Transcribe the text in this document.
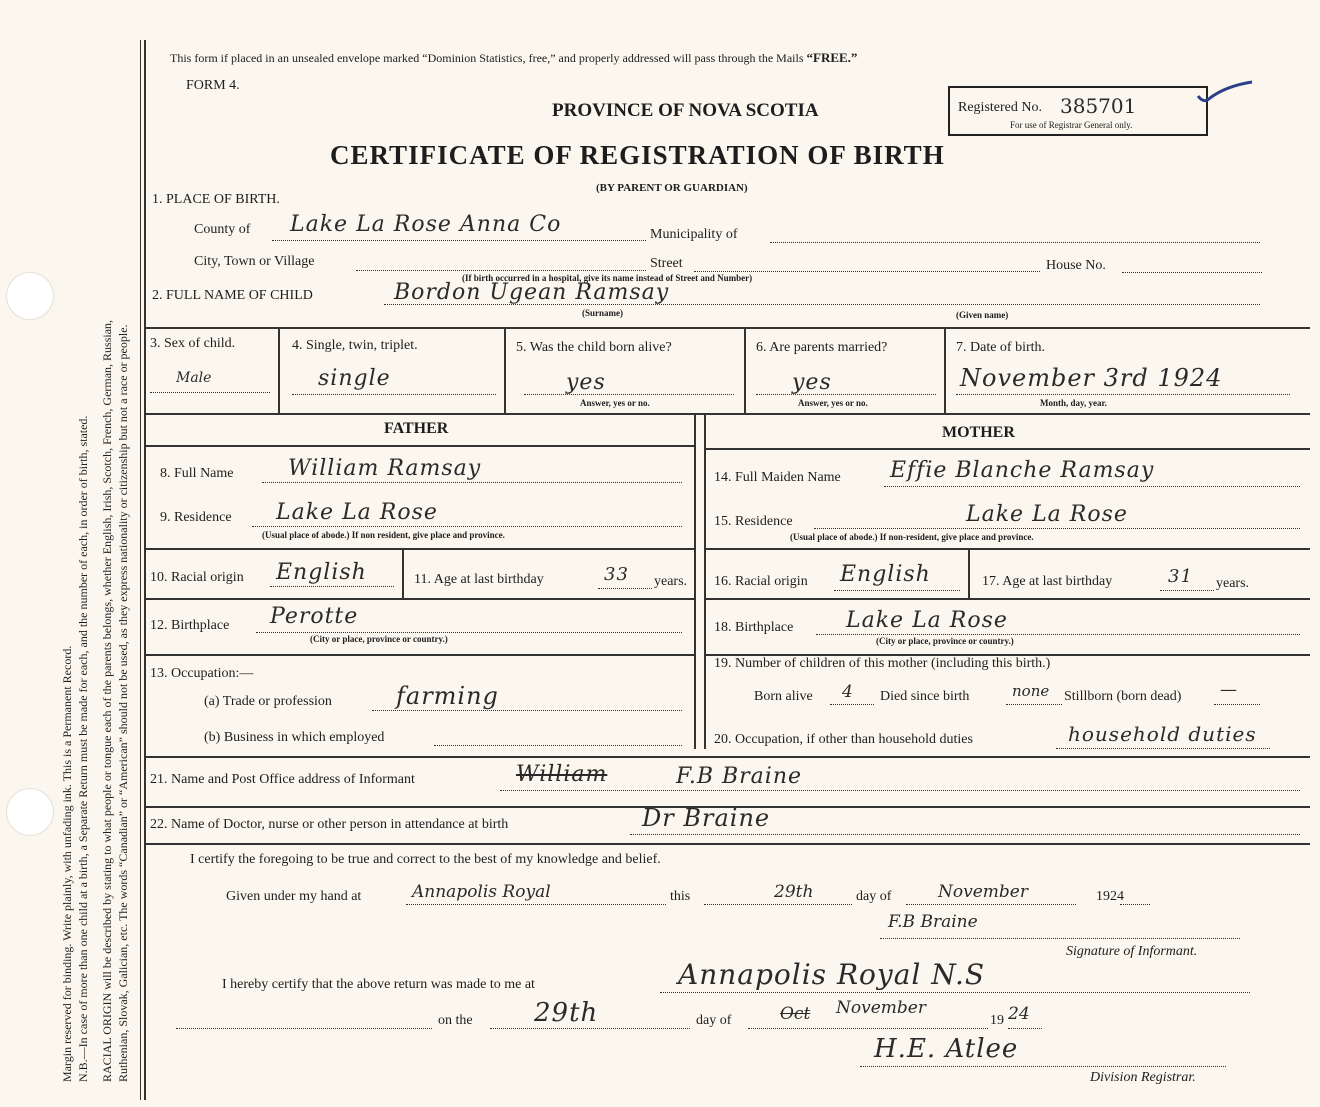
Margin reserved for binding. Write plainly, with unfading ink. This is a Permanent Record. N.B.—In case of more than one child at a birth, a Separate Return must be made for each, and the number of each, in order of birth, stated. RACIAL ORIGIN will be described by stating to what people or tongue each of the parents belongs, whether English, Irish, Scotch, French, German, Russian, Ruthenian, Slovak, Galician, etc. The words “Canadian” or “American” should not be used, as they express nationality or citizenship but not a race or people.
This form if placed in an unsealed envelope marked “Dominion Statistics, free,” and properly addressed will pass through the Mails “FREE.”
FORM 4.
PROVINCE OF NOVA SCOTIA
CERTIFICATE OF REGISTRATION OF BIRTH
(BY PARENT OR GUARDIAN)
Registered No. 385701
For use of Registrar General only.
1. PLACE OF BIRTH.
County of Lake La Rose Anna Co	Municipality of
City, Town or Village	Street	House No.
(If birth occurred in a hospital, give its name instead of Street and Number)
2. FULL NAME OF CHILD	Bordon Ugean Ramsay
(Surname)	(Given name)
3. Sex of child.
Male
4. Single, twin, triplet.
single
5. Was the child born alive?
yes
Answer, yes or no.
6. Are parents married?
yes
Answer, yes or no.
7. Date of birth.
November 3rd 1924
Month, day, year.
FATHER
8. Full Name William Ramsay
9. Residence Lake La Rose
(Usual place of abode.) If non resident, give place and province.
10. Racial origin English	11. Age at last birthday	33 years.
12. Birthplace Perotte
(City or place, province or country.)
13. Occupation:—
(a) Trade or profession	farming
(b) Business in which employed
MOTHER
14. Full Maiden Name Effie Blanche Ramsay
15. Residence	Lake La Rose
(Usual place of abode.) If non-resident, give place and province.
16. Racial origin English	17. Age at last birthday	31 years.
18. Birthplace Lake La Rose
(City or place, province or country.)
19. Number of children of this mother (including this birth.)
Born alive 4 Died since birth	none Stillborn (born dead) —
20. Occupation, if other than household duties	household duties
21. Name and Post Office address of Informant	William	F.B Braine
22. Name of Doctor, nurse or other person in attendance at birth	Dr Braine
I certify the foregoing to be true and correct to the best of my knowledge and belief.
Given under my hand at	Annapolis Royal	this	29th	day of	November	1924
F.B Braine
Signature of Informant.
I hereby certify that the above return was made to me at	Annapolis Royal N.S
on the 29th	day of	Oct November
19 24
H.E. Atlee
Division Registrar.
